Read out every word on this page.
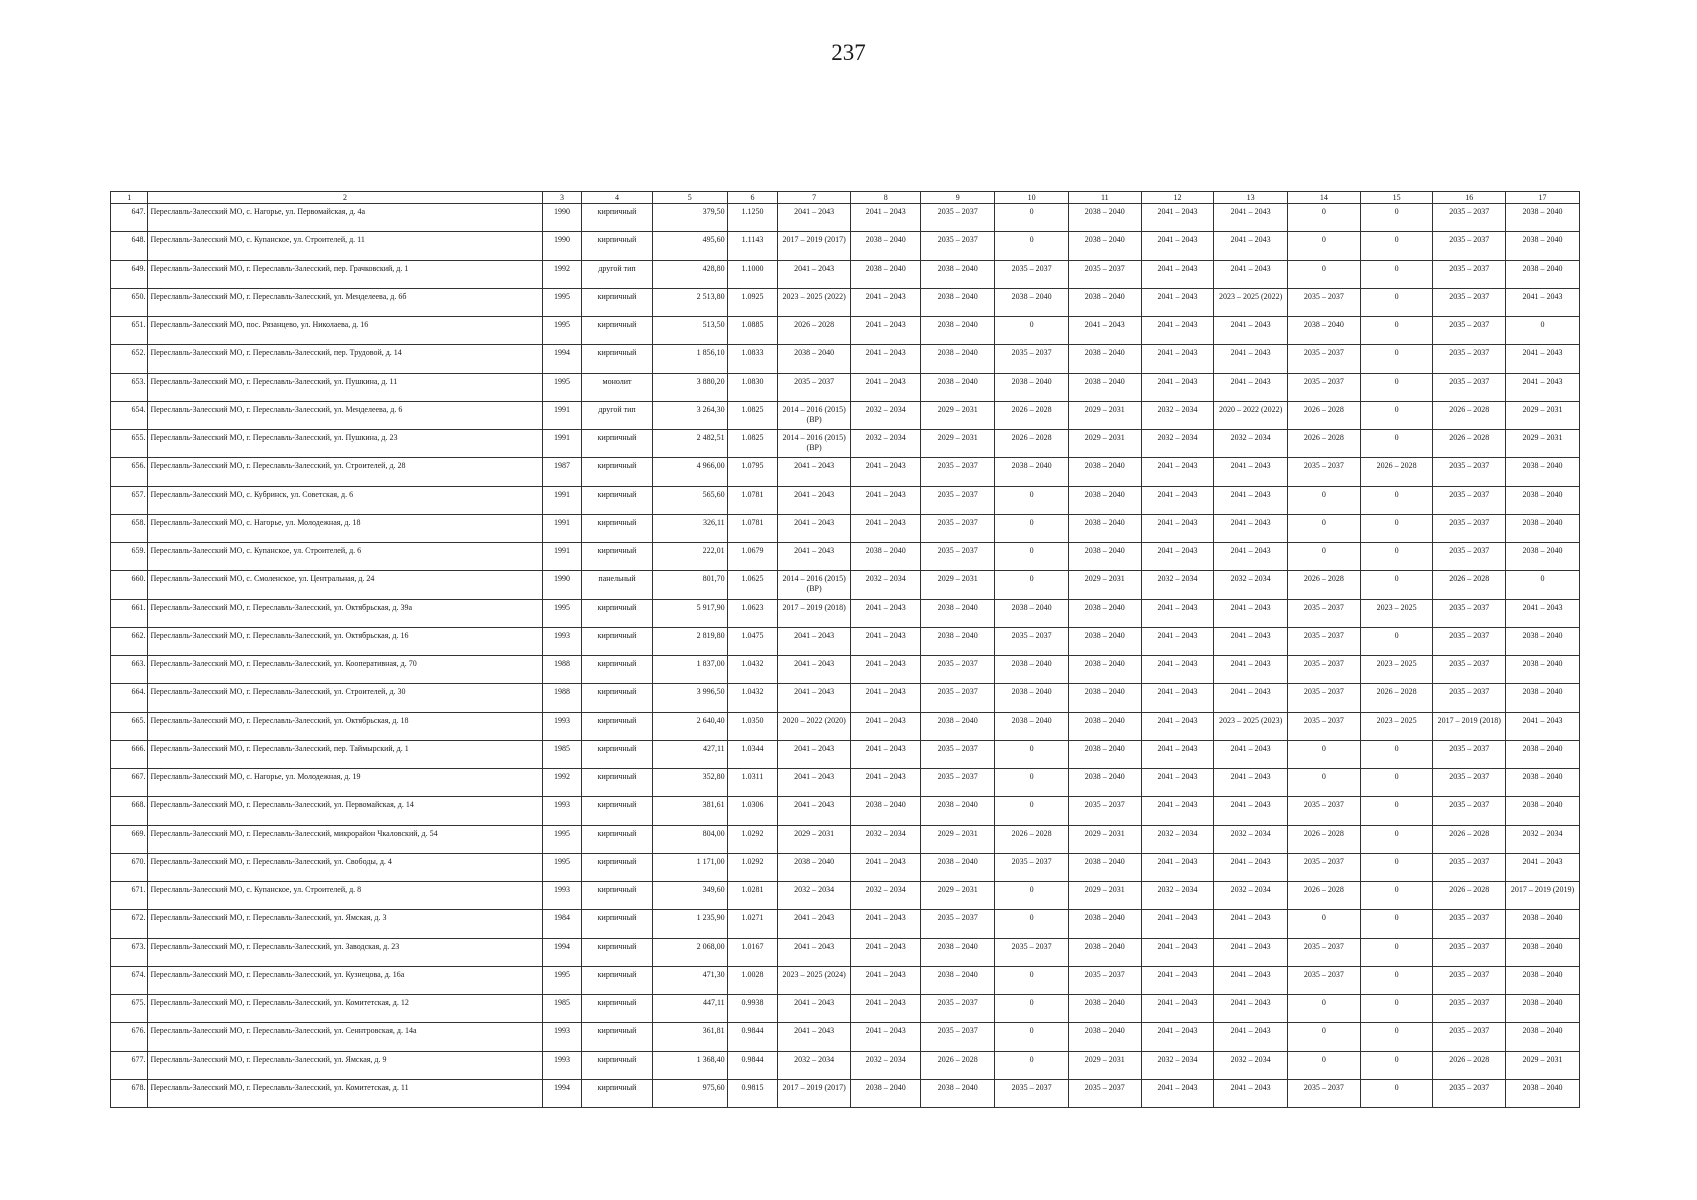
237
1	2	3	4	5	6	7	8	9	10	11	12	13	14	15	16	17
647.	Переславль-Залесский МО, с. Нагорье, ул. Первомайская, д. 4а	1990	кирпичный	379,50	1.1250	2041 – 2043	2041 – 2043	2035 – 2037	0	2038 – 2040	2041 – 2043	2041 – 2043	0	0	2035 – 2037	2038 – 2040
648.	Переславль-Залесский МО, с. Купанское, ул. Строителей, д. 11	1990	кирпичный	495,60	1.1143	2017 – 2019 (2017)	2038 – 2040	2035 – 2037	0	2038 – 2040	2041 – 2043	2041 – 2043	0	0	2035 – 2037	2038 – 2040
649.	Переславль-Залесский МО, г. Переславль-Залесский, пер. Грачковский, д. 1	1992	другой тип	428,80	1.1000	2041 – 2043	2038 – 2040	2038 – 2040	2035 – 2037	2035 – 2037	2041 – 2043	2041 – 2043	0	0	2035 – 2037	2038 – 2040
650.	Переславль-Залесский МО, г. Переславль-Залесский, ул. Менделеева, д. 6б	1995	кирпичный	2 513,80	1.0925	2023 – 2025 (2022)	2041 – 2043	2038 – 2040	2038 – 2040	2038 – 2040	2041 – 2043	2023 – 2025 (2022)	2035 – 2037	0	2035 – 2037	2041 – 2043
651.	Переславль-Залесский МО, пос. Рязанцево, ул. Николаева, д. 16	1995	кирпичный	513,50	1.0885	2026 – 2028	2041 – 2043	2038 – 2040	0	2041 – 2043	2041 – 2043	2041 – 2043	2038 – 2040	0	2035 – 2037	0
652.	Переславль-Залесский МО, г. Переславль-Залесский, пер. Трудовой, д. 14	1994	кирпичный	1 856,10	1.0833	2038 – 2040	2041 – 2043	2038 – 2040	2035 – 2037	2038 – 2040	2041 – 2043	2041 – 2043	2035 – 2037	0	2035 – 2037	2041 – 2043
653.	Переславль-Залесский МО, г. Переславль-Залесский, ул. Пушкина, д. 11	1995	монолит	3 880,20	1.0830	2035 – 2037	2041 – 2043	2038 – 2040	2038 – 2040	2038 – 2040	2041 – 2043	2041 – 2043	2035 – 2037	0	2035 – 2037	2041 – 2043
654.	Переславль-Залесский МО, г. Переславль-Залесский, ул. Менделеева, д. 6	1991	другой тип	3 264,30	1.0825	2014 – 2016 (2015) (ВР)	2032 – 2034	2029 – 2031	2026 – 2028	2029 – 2031	2032 – 2034	2020 – 2022 (2022)	2026 – 2028	0	2026 – 2028	2029 – 2031
655.	Переславль-Залесский МО, г. Переславль-Залесский, ул. Пушкина, д. 23	1991	кирпичный	2 482,51	1.0825	2014 – 2016 (2015) (ВР)	2032 – 2034	2029 – 2031	2026 – 2028	2029 – 2031	2032 – 2034	2032 – 2034	2026 – 2028	0	2026 – 2028	2029 – 2031
656.	Переславль-Залесский МО, г. Переславль-Залесский, ул. Строителей, д. 28	1987	кирпичный	4 966,00	1.0795	2041 – 2043	2041 – 2043	2035 – 2037	2038 – 2040	2038 – 2040	2041 – 2043	2041 – 2043	2035 – 2037	2026 – 2028	2035 – 2037	2038 – 2040
657.	Переславль-Залесский МО, с. Кубринск, ул. Советская, д. 6	1991	кирпичный	565,60	1.0781	2041 – 2043	2041 – 2043	2035 – 2037	0	2038 – 2040	2041 – 2043	2041 – 2043	0	0	2035 – 2037	2038 – 2040
658.	Переславль-Залесский МО, с. Нагорье, ул. Молодежная, д. 18	1991	кирпичный	326,11	1.0781	2041 – 2043	2041 – 2043	2035 – 2037	0	2038 – 2040	2041 – 2043	2041 – 2043	0	0	2035 – 2037	2038 – 2040
659.	Переславль-Залесский МО, с. Купанское, ул. Строителей, д. 6	1991	кирпичный	222,01	1.0679	2041 – 2043	2038 – 2040	2035 – 2037	0	2038 – 2040	2041 – 2043	2041 – 2043	0	0	2035 – 2037	2038 – 2040
660.	Переславль-Залесский МО, с. Смоленское, ул. Центральная, д. 24	1990	панельный	801,70	1.0625	2014 – 2016 (2015) (ВР)	2032 – 2034	2029 – 2031	0	2029 – 2031	2032 – 2034	2032 – 2034	2026 – 2028	0	2026 – 2028	0
661.	Переславль-Залесский МО, г. Переславль-Залесский, ул. Октябрьская, д. 39а	1995	кирпичный	5 917,90	1.0623	2017 – 2019 (2018)	2041 – 2043	2038 – 2040	2038 – 2040	2038 – 2040	2041 – 2043	2041 – 2043	2035 – 2037	2023 – 2025	2035 – 2037	2041 – 2043
662.	Переславль-Залесский МО, г. Переславль-Залесский, ул. Октябрьская, д. 16	1993	кирпичный	2 819,80	1.0475	2041 – 2043	2041 – 2043	2038 – 2040	2035 – 2037	2038 – 2040	2041 – 2043	2041 – 2043	2035 – 2037	0	2035 – 2037	2038 – 2040
663.	Переславль-Залесский МО, г. Переславль-Залесский, ул. Кооперативная, д. 70	1988	кирпичный	1 837,00	1.0432	2041 – 2043	2041 – 2043	2035 – 2037	2038 – 2040	2038 – 2040	2041 – 2043	2041 – 2043	2035 – 2037	2023 – 2025	2035 – 2037	2038 – 2040
664.	Переславль-Залесский МО, г. Переславль-Залесский, ул. Строителей, д. 30	1988	кирпичный	3 996,50	1.0432	2041 – 2043	2041 – 2043	2035 – 2037	2038 – 2040	2038 – 2040	2041 – 2043	2041 – 2043	2035 – 2037	2026 – 2028	2035 – 2037	2038 – 2040
665.	Переславль-Залесский МО, г. Переславль-Залесский, ул. Октябрьская, д. 18	1993	кирпичный	2 640,40	1.0350	2020 – 2022 (2020)	2041 – 2043	2038 – 2040	2038 – 2040	2038 – 2040	2041 – 2043	2023 – 2025 (2023)	2035 – 2037	2023 – 2025	2017 – 2019 (2018)	2041 – 2043
666.	Переславль-Залесский МО, г. Переславль-Залесский, пер. Таймырский, д. 1	1985	кирпичный	427,11	1.0344	2041 – 2043	2041 – 2043	2035 – 2037	0	2038 – 2040	2041 – 2043	2041 – 2043	0	0	2035 – 2037	2038 – 2040
667.	Переславль-Залесский МО, с. Нагорье, ул. Молодежная, д. 19	1992	кирпичный	352,80	1.0311	2041 – 2043	2041 – 2043	2035 – 2037	0	2038 – 2040	2041 – 2043	2041 – 2043	0	0	2035 – 2037	2038 – 2040
668.	Переславль-Залесский МО, г. Переславль-Залесский, ул. Первомайская, д. 14	1993	кирпичный	381,61	1.0306	2041 – 2043	2038 – 2040	2038 – 2040	0	2035 – 2037	2041 – 2043	2041 – 2043	2035 – 2037	0	2035 – 2037	2038 – 2040
669.	Переславль-Залесский МО, г. Переславль-Залесский, микрорайон Чкаловский, д. 54	1995	кирпичный	804,00	1.0292	2029 – 2031	2032 – 2034	2029 – 2031	2026 – 2028	2029 – 2031	2032 – 2034	2032 – 2034	2026 – 2028	0	2026 – 2028	2032 – 2034
670.	Переславль-Залесский МО, г. Переславль-Залесский, ул. Свободы, д. 4	1995	кирпичный	1 171,00	1.0292	2038 – 2040	2041 – 2043	2038 – 2040	2035 – 2037	2038 – 2040	2041 – 2043	2041 – 2043	2035 – 2037	0	2035 – 2037	2041 – 2043
671.	Переславль-Залесский МО, с. Купанское, ул. Строителей, д. 8	1993	кирпичный	349,60	1.0281	2032 – 2034	2032 – 2034	2029 – 2031	0	2029 – 2031	2032 – 2034	2032 – 2034	2026 – 2028	0	2026 – 2028	2017 – 2019 (2019)
672.	Переславль-Залесский МО, г. Переславль-Залесский, ул. Ямская, д. 3	1984	кирпичный	1 235,90	1.0271	2041 – 2043	2041 – 2043	2035 – 2037	0	2038 – 2040	2041 – 2043	2041 – 2043	0	0	2035 – 2037	2038 – 2040
673.	Переславль-Залесский МО, г. Переславль-Залесский, ул. Заводская, д. 23	1994	кирпичный	2 068,00	1.0167	2041 – 2043	2041 – 2043	2038 – 2040	2035 – 2037	2038 – 2040	2041 – 2043	2041 – 2043	2035 – 2037	0	2035 – 2037	2038 – 2040
674.	Переславль-Залесский МО, г. Переславль-Залесский, ул. Кузнецова, д. 16а	1995	кирпичный	471,30	1.0028	2023 – 2025 (2024)	2041 – 2043	2038 – 2040	0	2035 – 2037	2041 – 2043	2041 – 2043	2035 – 2037	0	2035 – 2037	2038 – 2040
675.	Переславль-Залесский МО, г. Переславль-Залесский, ул. Комитетская, д. 12	1985	кирпичный	447,11	0.9938	2041 – 2043	2041 – 2043	2035 – 2037	0	2038 – 2040	2041 – 2043	2041 – 2043	0	0	2035 – 2037	2038 – 2040
676.	Переславль-Залесский МО, г. Переславль-Залесский, ул. Сеннтровская, д. 14а	1993	кирпичный	361,81	0.9844	2041 – 2043	2041 – 2043	2035 – 2037	0	2038 – 2040	2041 – 2043	2041 – 2043	0	0	2035 – 2037	2038 – 2040
677.	Переславль-Залесский МО, г. Переславль-Залесский, ул. Ямская, д. 9	1993	кирпичный	1 368,40	0.9844	2032 – 2034	2032 – 2034	2026 – 2028	0	2029 – 2031	2032 – 2034	2032 – 2034	0	0	2026 – 2028	2029 – 2031
678.	Переславль-Залесский МО, г. Переславль-Залесский, ул. Комитетская, д. 11	1994	кирпичный	975,60	0.9815	2017 – 2019 (2017)	2038 – 2040	2038 – 2040	2035 – 2037	2035 – 2037	2041 – 2043	2041 – 2043	2035 – 2037	0	2035 – 2037	2038 – 2040
